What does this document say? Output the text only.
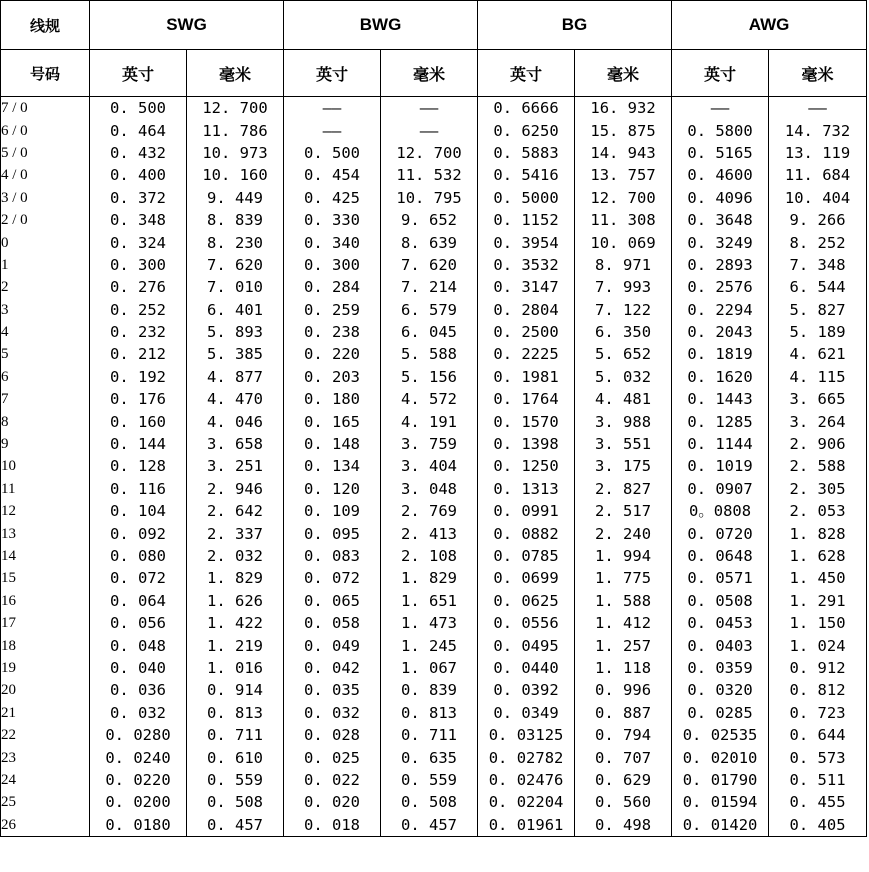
线规	SWG		BWG		BG		AWG	
号码	英寸	毫米	英寸	毫米	英寸	毫米	英寸	毫米
7 / 0	0. 500	12. 700	——	——	0. 6666	16. 932	——	——
6 / 0	0. 464	11. 786	——	——	0. 6250	15. 875	0. 5800	14. 732
5 / 0	0. 432	10. 973	0. 500	12. 700	0. 5883	14. 943	0. 5165	13. 119
4 / 0	0. 400	10. 160	0. 454	11. 532	0. 5416	13. 757	0. 4600	11. 684
3 / 0	0. 372	9. 449	0. 425	10. 795	0. 5000	12. 700	0. 4096	10. 404
2 / 0	0. 348	8. 839	0. 330	9. 652	0. 1152	11. 308	0. 3648	9. 266
0	0. 324	8. 230	0. 340	8. 639	0. 3954	10. 069	0. 3249	8. 252
1	0. 300	7. 620	0. 300	7. 620	0. 3532	8. 971	0. 2893	7. 348
2	0. 276	7. 010	0. 284	7. 214	0. 3147	7. 993	0. 2576	6. 544
3	0. 252	6. 401	0. 259	6. 579	0. 2804	7. 122	0. 2294	5. 827
4	0. 232	5. 893	0. 238	6. 045	0. 2500	6. 350	0. 2043	5. 189
5	0. 212	5. 385	0. 220	5. 588	0. 2225	5. 652	0. 1819	4. 621
6	0. 192	4. 877	0. 203	5. 156	0. 1981	5. 032	0. 1620	4. 115
7	0. 176	4. 470	0. 180	4. 572	0. 1764	4. 481	0. 1443	3. 665
8	0. 160	4. 046	0. 165	4. 191	0. 1570	3. 988	0. 1285	3. 264
9	0. 144	3. 658	0. 148	3. 759	0. 1398	3. 551	0. 1144	2. 906
10	0. 128	3. 251	0. 134	3. 404	0. 1250	3. 175	0. 1019	2. 588
11	0. 116	2. 946	0. 120	3. 048	0. 1313	2. 827	0. 0907	2. 305
12	0. 104	2. 642	0. 109	2. 769	0. 0991	2. 517	0。0808	2. 053
13	0. 092	2. 337	0. 095	2. 413	0. 0882	2. 240	0. 0720	1. 828
14	0. 080	2. 032	0. 083	2. 108	0. 0785	1. 994	0. 0648	1. 628
15	0. 072	1. 829	0. 072	1. 829	0. 0699	1. 775	0. 0571	1. 450
16	0. 064	1. 626	0. 065	1. 651	0. 0625	1. 588	0. 0508	1. 291
17	0. 056	1. 422	0. 058	1. 473	0. 0556	1. 412	0. 0453	1. 150
18	0. 048	1. 219	0. 049	1. 245	0. 0495	1. 257	0. 0403	1. 024
19	0. 040	1. 016	0. 042	1. 067	0. 0440	1. 118	0. 0359	0. 912
20	0. 036	0. 914	0. 035	0. 839	0. 0392	0. 996	0. 0320	0. 812
21	0. 032	0. 813	0. 032	0. 813	0. 0349	0. 887	0. 0285	0. 723
22	0. 0280	0. 711	0. 028	0. 711	0. 03125	0. 794	0. 02535	0. 644
23	0. 0240	0. 610	0. 025	0. 635	0. 02782	0. 707	0. 02010	0. 573
24	0. 0220	0. 559	0. 022	0. 559	0. 02476	0. 629	0. 01790	0. 511
25	0. 0200	0. 508	0. 020	0. 508	0. 02204	0. 560	0. 01594	0. 455
26	0. 0180	0. 457	0. 018	0. 457	0. 01961	0. 498	0. 01420	0. 405
